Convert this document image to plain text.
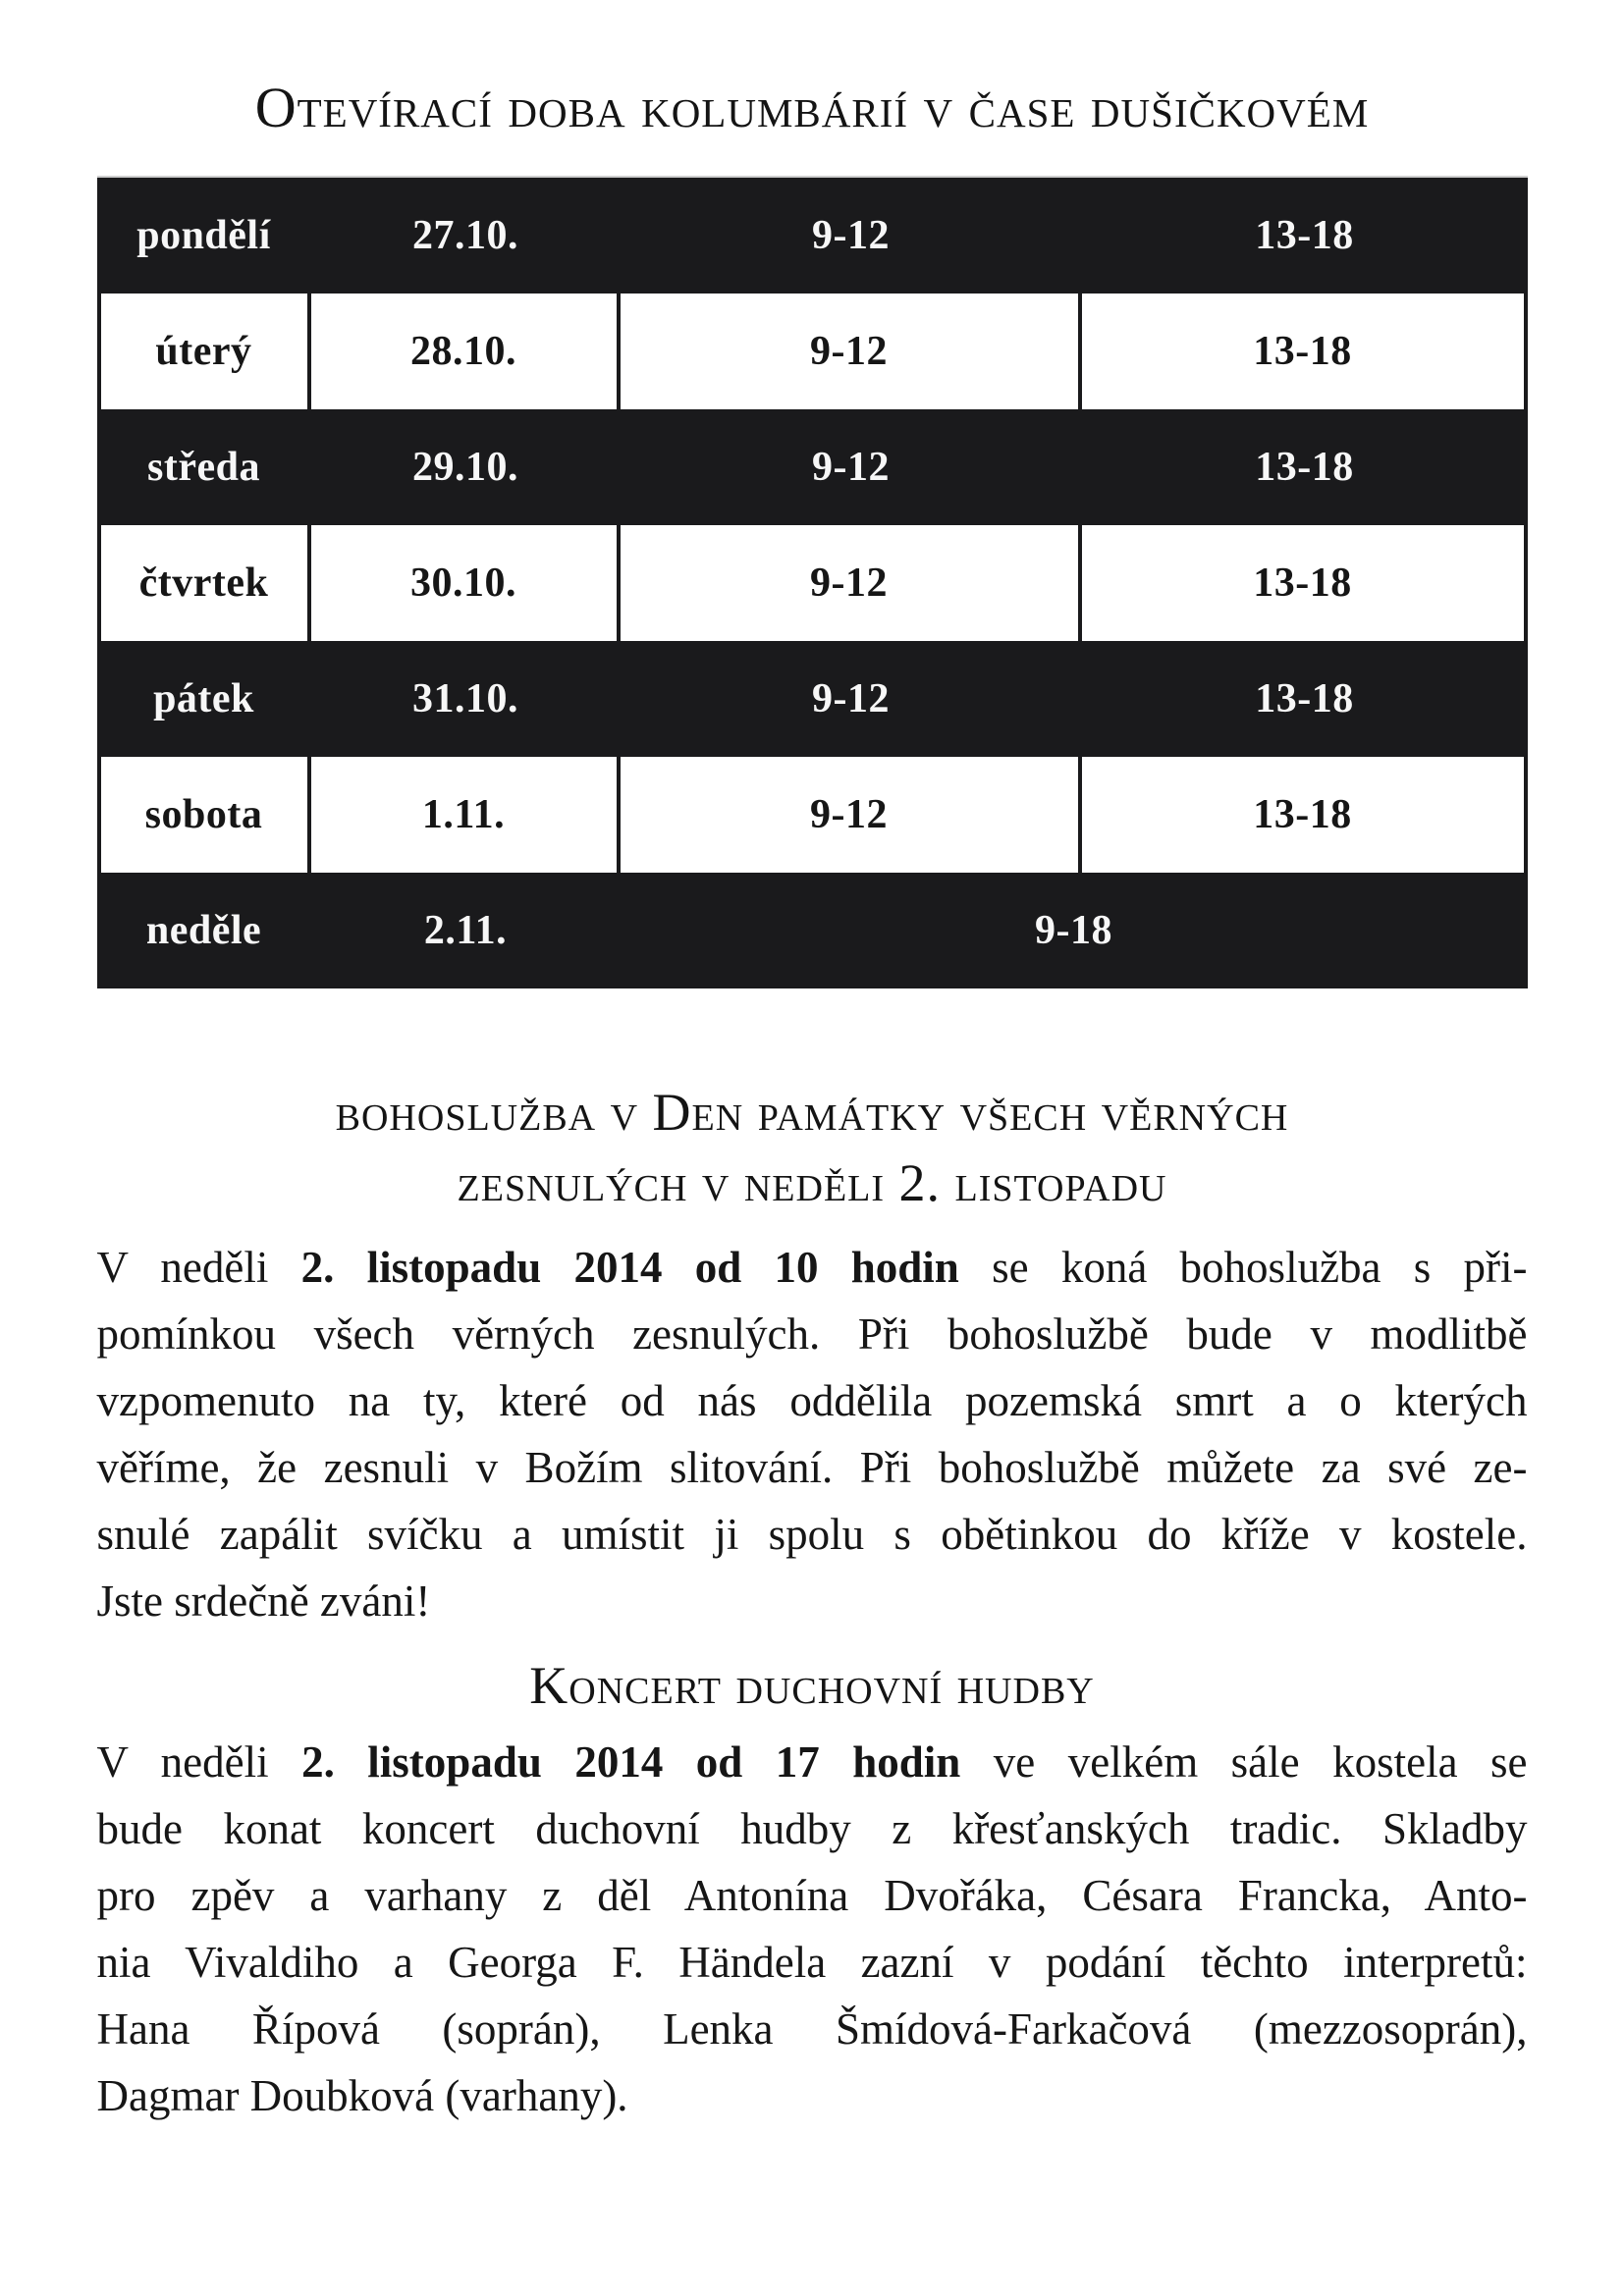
Otevírací doba kolumbárií v čase dušičkovém
pondělí	27.10.	9-12	13-18
úterý	28.10.	9-12	13-18
středa	29.10.	9-12	13-18
čtvrtek	30.10.	9-12	13-18
pátek	31.10.	9-12	13-18
sobota	1.11.	9-12	13-18
neděle	2.11.	9-18
bohoslužba v Den památky všech věrných
zesnulých v neděli 2. listopadu
V neděli 2. listopadu 2014 od 10 hodin se koná bohoslužba s při-
pomínkou všech věrných zesnulých. Při bohoslužbě bude v modlitbě
vzpomenuto na ty, které od nás oddělila pozemská smrt a o kterých
věříme, že zesnuli v Božím slitování. Při bohoslužbě můžete za své ze-
snulé zapálit svíčku a umístit ji spolu s obětinkou do kříže v kostele.
Jste srdečně zváni!
Koncert duchovní hudby
V neděli 2. listopadu 2014 od 17 hodin ve velkém sále kostela se
bude konat koncert duchovní hudby z křesťanských tradic. Skladby
pro zpěv a varhany z děl Antonína Dvořáka, Césara Francka, Anto-
nia Vivaldiho a Georga F. Händela zazní v podání těchto interpretů:
Hana Řípová (soprán), Lenka Šmídová-Farkačová (mezzosoprán),
Dagmar Doubková (varhany).
